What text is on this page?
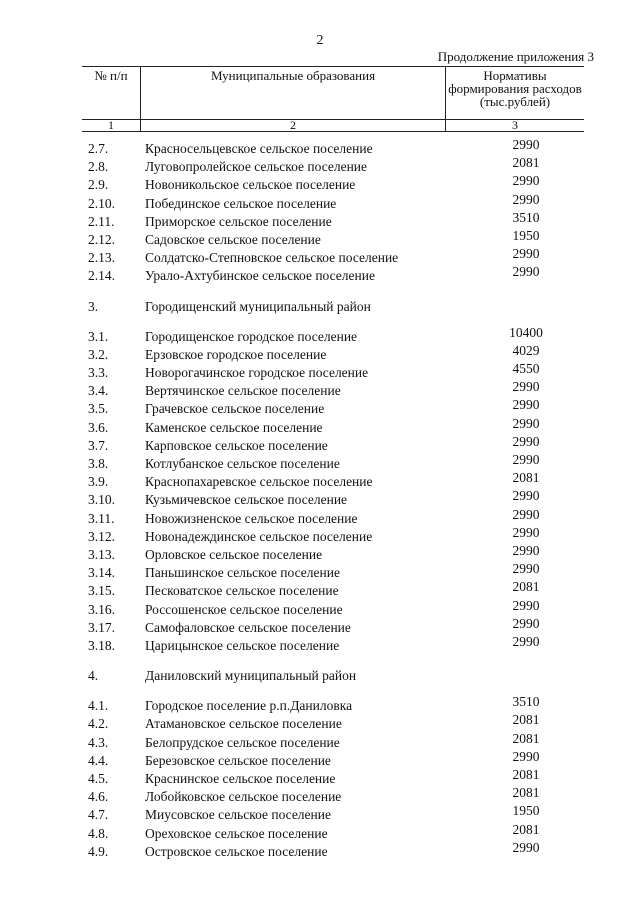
2
Продолжение приложения 3
№ п/п	Муниципальные образования	Нормативы формирования расходов (тыс.рублей)
1	2	3
2.7.	Красносельцевское сельское поселение	2990
2.8.	Луговопролейское сельское поселение	2081
2.9.	Новоникольское сельское поселение	2990
2.10. Побединское сельское поселение	2990
2.11. Приморское сельское поселение	3510
2.12. Садовское сельское поселение	1950
2.13. Солдатско-Степновское сельское поселение	2990
2.14. Урало-Ахтубинское сельское поселение	2990
3.	Городищенский муниципальный район
3.1.	Городищенское городское поселение	10400
3.2.	Ерзовское городское поселение	4029
3.3.	Новорогачинское городское поселение	4550
3.4.	Вертячинское сельское поселение	2990
3.5.	Грачевское сельское поселение	2990
3.6.	Каменское сельское поселение	2990
3.7.	Карповское сельское поселение	2990
3.8.	Котлубанское сельское поселение	2990
3.9.	Краснопахаревское сельское поселение	2081
3.10. Кузьмичевское сельское поселение	2990
3.11. Новожизненское сельское поселение	2990
3.12. Новонадеждинское сельское поселение	2990
3.13. Орловское сельское поселение	2990
3.14. Паньшинское сельское поселение	2990
3.15. Песковатское сельское поселение	2081
3.16. Россошенское сельское поселение	2990
3.17. Самофаловское сельское поселение	2990
3.18. Царицынское сельское поселение	2990
4.	Даниловский муниципальный район
4.1.	Городское поселение р.п.Даниловка	3510
4.2.	Атамановское сельское поселение	2081
4.3.	Белопрудское сельское поселение	2081
4.4.	Березовское сельское поселение	2990
4.5.	Краснинское сельское поселение	2081
4.6.	Лобойковское сельское поселение	2081
4.7.	Миусовское сельское поселение	1950
4.8.	Ореховское сельское поселение	2081
4.9.	Островское сельское поселение	2990
